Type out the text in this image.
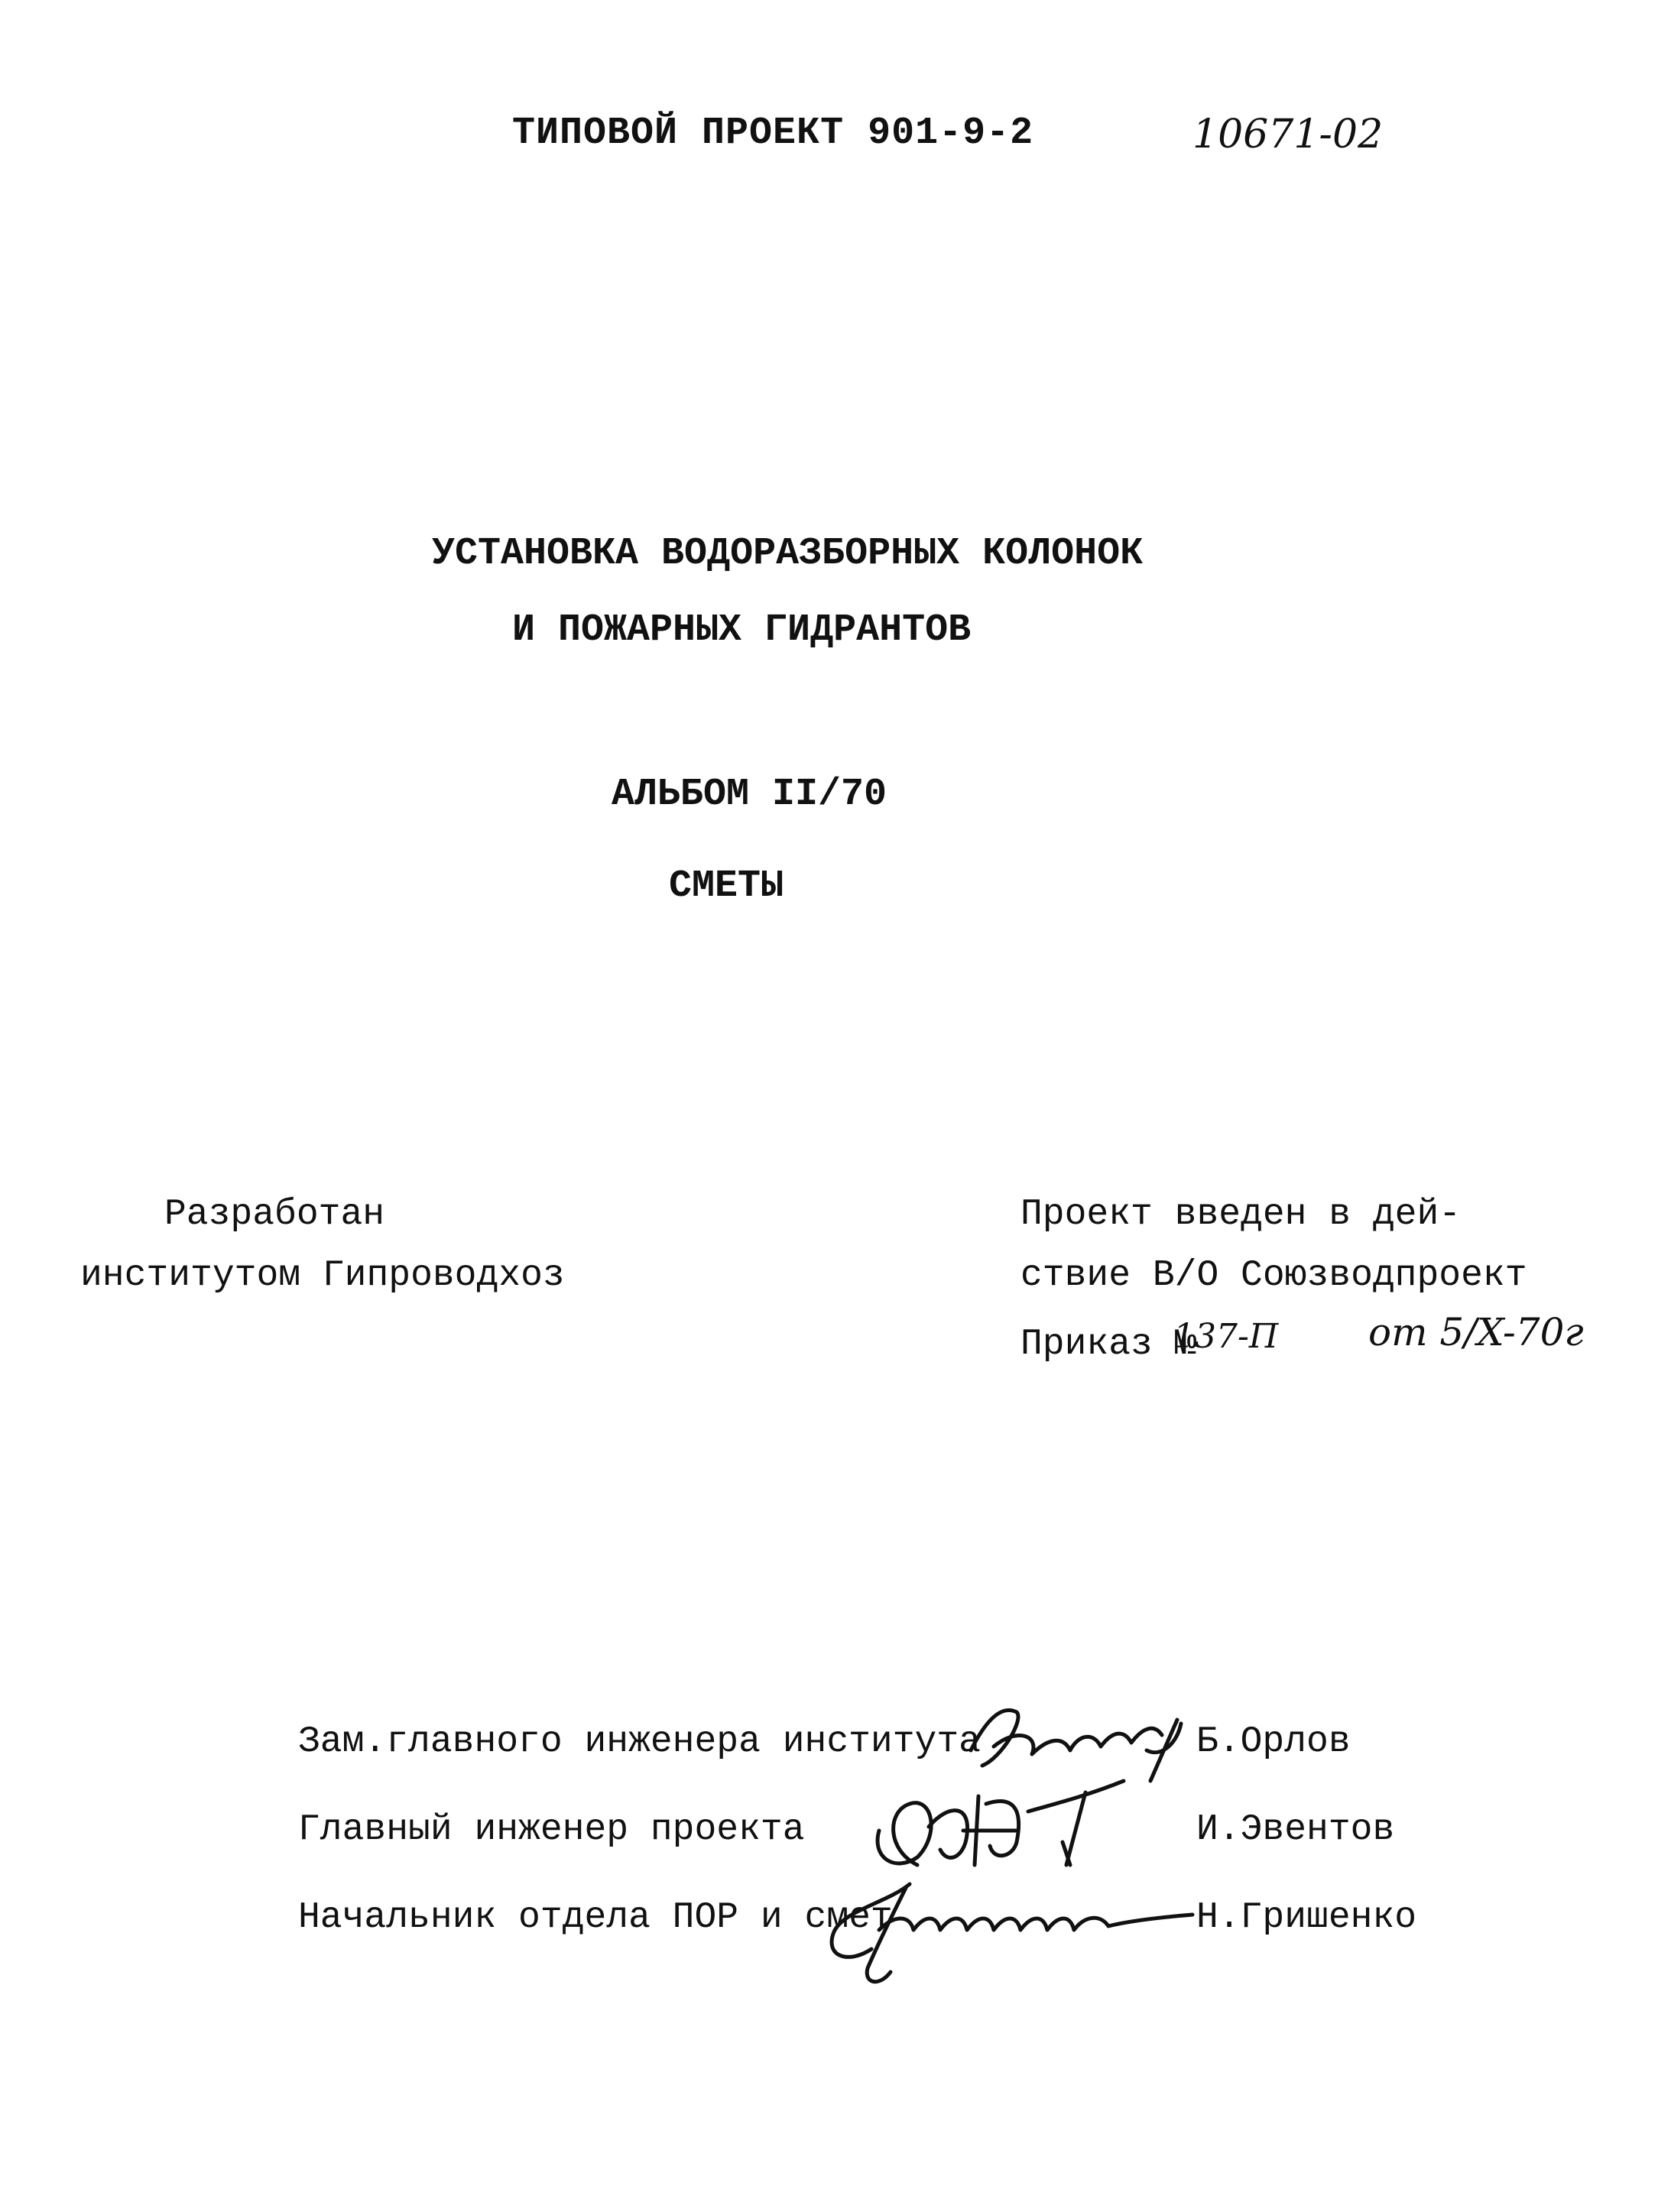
ТИПОВОЙ ПРОЕКТ 901-9-2	10671-02
УСТАНОВКА ВОДОРАЗБОРНЫХ КОЛОНОК
И ПОЖАРНЫХ ГИДРАНТОВ
АЛЬБОМ II/70
СМЕТЫ
Разработан
институтом Гипроводхоз
Проект введен в дей-
ствие В/О Союзводпроект
Приказ №
137-П от 5/X-70г
Зам.главного инженера института	Б.Орлов
Главный инженер проекта	И.Эвентов
Начальник отдела ПОР и смет	Н.Гришенко
